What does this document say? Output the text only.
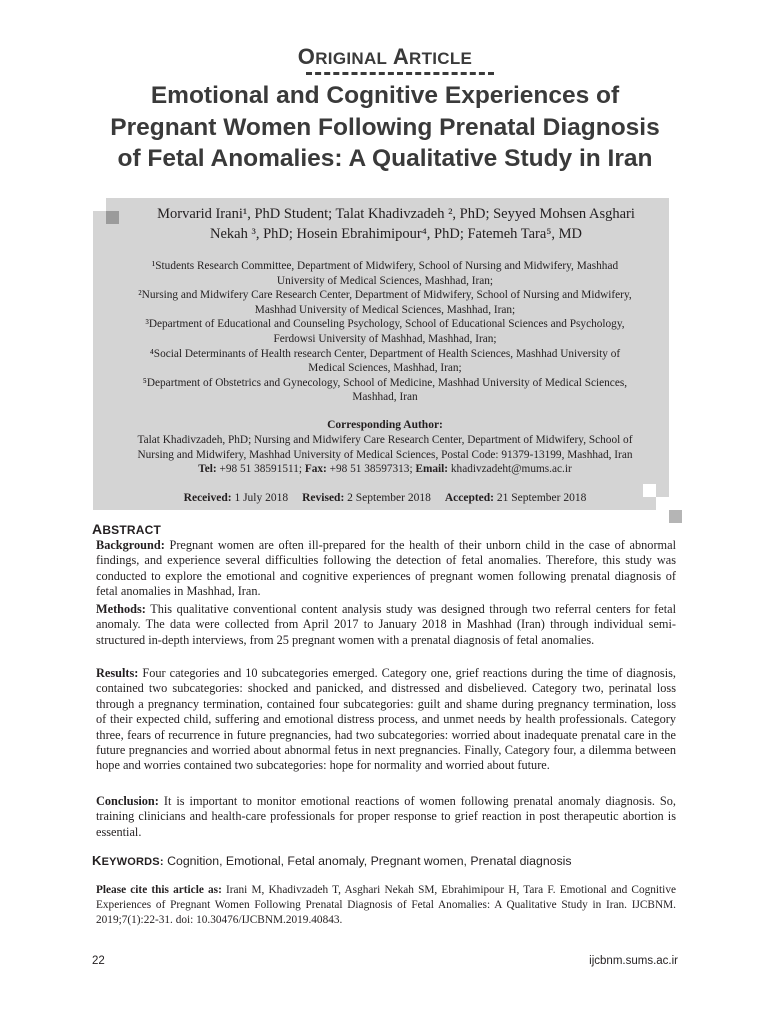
ORIGINAL ARTICLE
Emotional and Cognitive Experiences of
Pregnant Women Following Prenatal Diagnosis
of Fetal Anomalies: A Qualitative Study in Iran
Morvarid Irani¹, PhD Student; Talat Khadivzadeh ², PhD; Seyyed Mohsen Asghari
Nekah ³, PhD; Hosein Ebrahimipour⁴, PhD; Fatemeh Tara⁵, MD
¹Students Research Committee, Department of Midwifery, School of Nursing and Midwifery, Mashhad
University of Medical Sciences, Mashhad, Iran;
²Nursing and Midwifery Care Research Center, Department of Midwifery, School of Nursing and Midwifery,
Mashhad University of Medical Sciences, Mashhad, Iran;
³Department of Educational and Counseling Psychology, School of Educational Sciences and Psychology,
Ferdowsi University of Mashhad, Mashhad, Iran;
⁴Social Determinants of Health research Center, Department of Health Sciences, Mashhad University of
Medical Sciences, Mashhad, Iran;
⁵Department of Obstetrics and Gynecology, School of Medicine, Mashhad University of Medical Sciences,
Mashhad, Iran
Corresponding Author:
Talat Khadivzadeh, PhD; Nursing and Midwifery Care Research Center, Department of Midwifery, School of
Nursing and Midwifery, Mashhad University of Medical Sciences, Postal Code: 91379-13199, Mashhad, Iran
Tel: +98 51 38591511; Fax: +98 51 38597313; Email: khadivzadeht@mums.ac.ir
Received: 1 July 2018 Revised: 2 September 2018 Accepted: 21 September 2018
ABSTRACT
Background: Pregnant women are often ill-prepared for the health of their unborn child in the case of abnormal findings, and experience several difficulties following the detection of fetal anomalies. Therefore, this study was conducted to explore the emotional and cognitive experiences of pregnant women following prenatal diagnosis of fetal anomalies in Mashhad, Iran.
Methods: This qualitative conventional content analysis study was designed through two referral centers for fetal anomaly. The data were collected from April 2017 to January 2018 in Mashhad (Iran) through individual semi-structured in-depth interviews, from 25 pregnant women with a prenatal diagnosis of fetal anomalies.
Results: Four categories and 10 subcategories emerged. Category one, grief reactions during the time of diagnosis, contained two subcategories: shocked and panicked, and distressed and disbelieved. Category two, perinatal loss through a pregnancy termination, contained four subcategories: guilt and shame during pregnancy termination, loss of their expected child, suffering and emotional distress process, and unmet needs by health professionals. Category three, fears of recurrence in future pregnancies, had two subcategories: worried about inadequate prenatal care in the future pregnancies and worried about abnormal fetus in next pregnancies. Finally, Category four, a dilemma between hope and worries contained two subcategories: hope for normality and worried about future.
Conclusion: It is important to monitor emotional reactions of women following prenatal anomaly diagnosis. So, training clinicians and health-care professionals for proper response to grief reaction in post therapeutic abortion is essential.
KEYWORDS: Cognition, Emotional, Fetal anomaly, Pregnant women, Prenatal diagnosis
Please cite this article as: Irani M, Khadivzadeh T, Asghari Nekah SM, Ebrahimipour H, Tara F. Emotional and Cognitive Experiences of Pregnant Women Following Prenatal Diagnosis of Fetal Anomalies: A Qualitative Study in Iran. IJCBNM. 2019;7(1):22-31. doi: 10.30476/IJCBNM.2019.40843.
22	ijcbnm.sums.ac.ir
